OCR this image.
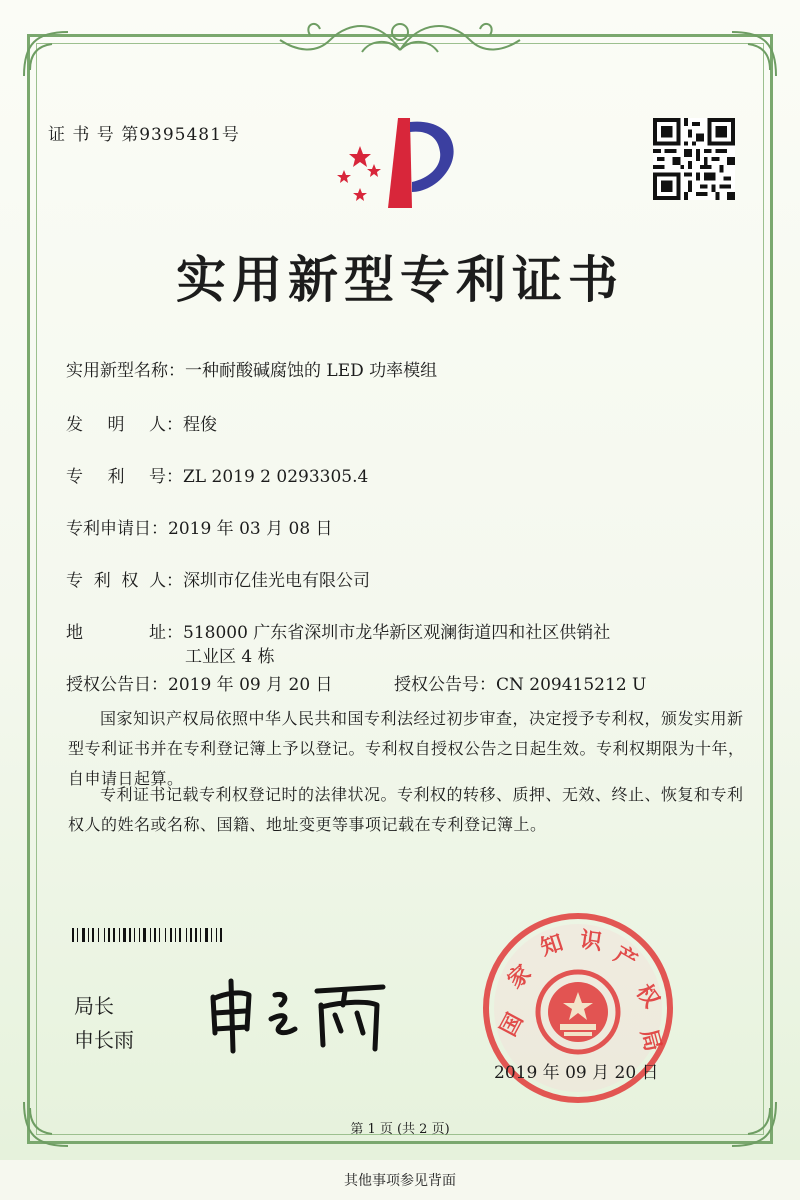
证 书 号 第9395481号
实用新型专利证书
实用新型名称：一种耐酸碱腐蚀的 LED 功率模组
发 明 人：程俊
专 利 号：ZL 2019 2 0293305.4
专利申请日：2019 年 03 月 08 日
专 利 权 人：深圳市亿佳光电有限公司
地 址：518000 广东省深圳市龙华新区观澜街道四和社区供销社
工业区 4 栋
授权公告日：2019 年 09 月 20 日	授权公告号：CN 209415212 U
国家知识产权局依照中华人民共和国专利法经过初步审查，决定授予专利权，颁发实用新型专利证书并在专利登记簿上予以登记。专利权自授权公告之日起生效。专利权期限为十年，自申请日起算。
专利证书记载专利权登记时的法律状况。专利权的转移、质押、无效、终止、恢复和专利权人的姓名或名称、国籍、地址变更等事项记载在专利登记簿上。
局长
申长雨	国
家
知 识
产
权
局
2019 年 09 月 20 日
第 1 页 (共 2 页)
其他事项参见背面
